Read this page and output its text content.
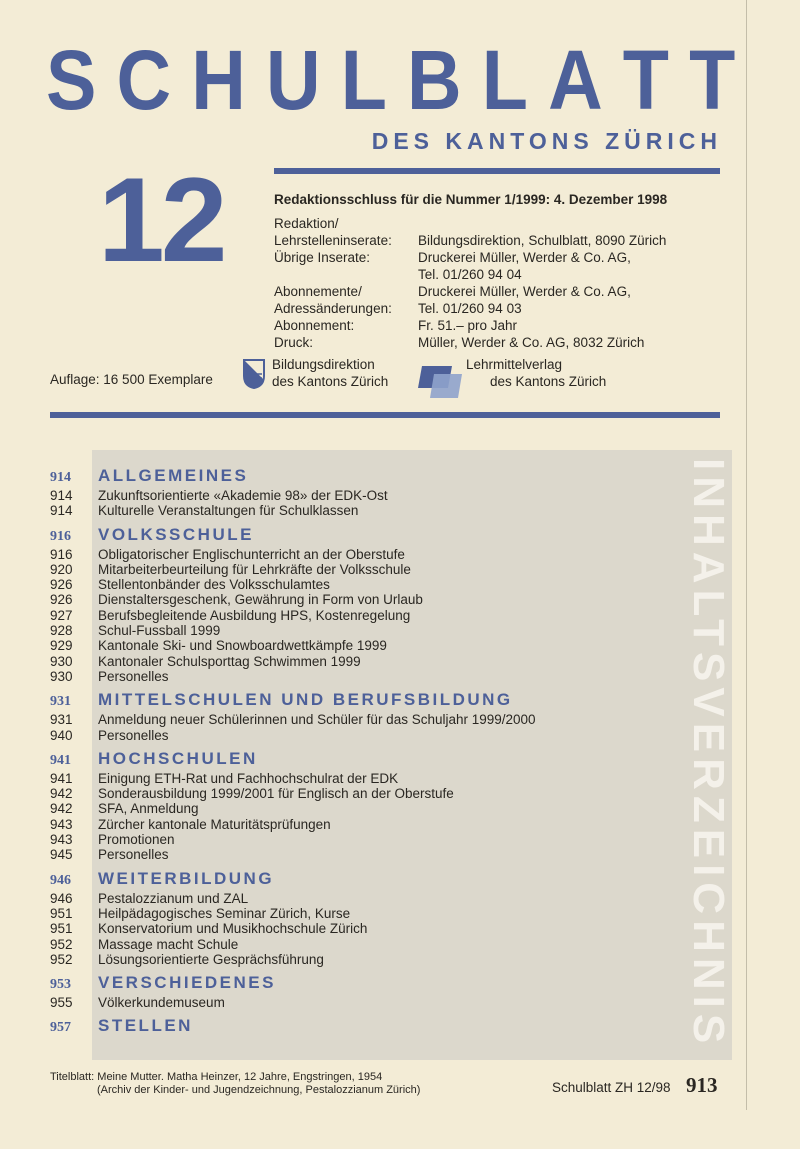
S C H U L B L A T T
DES KANTONS ZÜRICH
12	Redaktionsschluss für die Nummer 1/1999: 4. Dezember 1998
Redaktion/
Lehrstelleninserate: Bildungsdirektion, Schulblatt, 8090 Zürich
Übrige Inserate:	Druckerei Müller, Werder & Co. AG,
Tel. 01/260 94 04
Abonnemente/	Druckerei Müller, Werder & Co. AG,
Adressänderungen: Tel. 01/260 94 03
Abonnement:	Fr. 51.– pro Jahr
Druck:	Müller, Werder & Co. AG, 8032 Zürich
Auflage: 16 500 Exemplare
Bildungsdirektion
des Kantons Zürich
Lehrmittelverlag
des Kantons Zürich
INHALTSVERZEICHNIS
914	ALLGEMEINES
914	Zukunftsorientierte «Akademie 98» der EDK-Ost
914	Kulturelle Veranstaltungen für Schulklassen
916	VOLKSSCHULE
916	Obligatorischer Englischunterricht an der Oberstufe
920	Mitarbeiterbeurteilung für Lehrkräfte der Volksschule
926	Stellentonbänder des Volksschulamtes
926	Dienstaltersgeschenk, Gewährung in Form von Urlaub
927	Berufsbegleitende Ausbildung HPS, Kostenregelung
928	Schul-Fussball 1999
929	Kantonale Ski- und Snowboardwettkämpfe 1999
930	Kantonaler Schulsporttag Schwimmen 1999
930	Personelles
931	MITTELSCHULEN UND BERUFSBILDUNG
931	Anmeldung neuer Schülerinnen und Schüler für das Schuljahr 1999/2000
940	Personelles
941	HOCHSCHULEN
941	Einigung ETH-Rat und Fachhochschulrat der EDK
942	Sonderausbildung 1999/2001 für Englisch an der Oberstufe
942	SFA, Anmeldung
943	Zürcher kantonale Maturitätsprüfungen
943	Promotionen
945	Personelles
946	WEITERBILDUNG
946	Pestalozzianum und ZAL
951	Heilpädagogisches Seminar Zürich, Kurse
951	Konservatorium und Musikhochschule Zürich
952	Massage macht Schule
952	Lösungsorientierte Gesprächsführung
953	VERSCHIEDENES
955	Völkerkundemuseum
957	STELLEN
Titelblatt: Meine Mutter. Matha Heinzer, 12 Jahre, Engstringen, 1954
(Archiv der Kinder- und Jugendzeichnung, Pestalozzianum Zürich)	Schulblatt ZH 12/98 913
